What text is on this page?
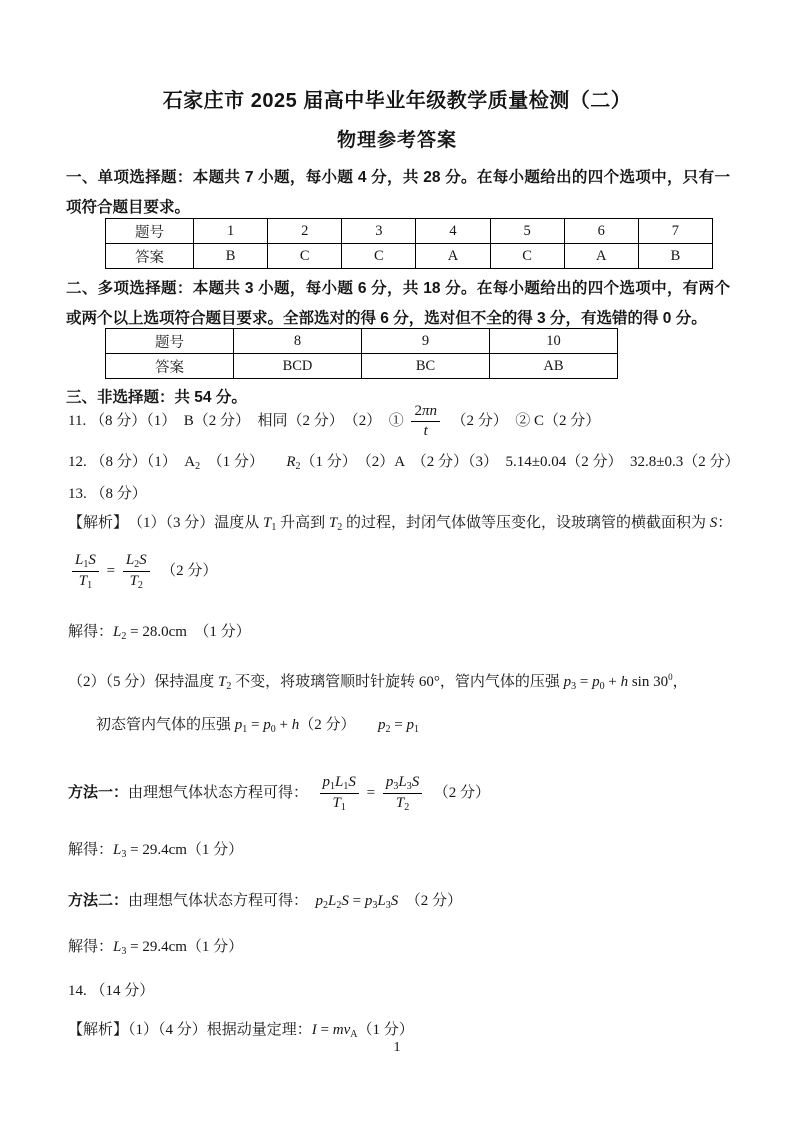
石家庄市 2025 届高中毕业年级教学质量检测（二）
物理参考答案
一、单项选择题：本题共 7 小题，每小题 4 分，共 28 分。在每小题给出的四个选项中，只有一项符合题目要求。
题号	1	2	3	4	5	6	7
答案	B	C	C	A	C	A	B
二、多项选择题：本题共 3 小题，每小题 6 分，共 18 分。在每小题给出的四个选项中，有两个或两个以上选项符合题目要求。全部选对的得 6 分，选对但不全的得 3 分，有选错的得 0 分。
题号	8	9	10
答案	BCD	BC	AB
三、非选择题：共 54 分。
11. （8 分）（1）　B（2 分）　相同（2 分）　（2）　① $\frac{2\pi n}{t}$ 　（2 分）　② C（2 分）
12. （8 分）（1）　$A_2$　（1 分）　　$R_2(1$ 分）　（2）A　（2 分）（3）　5.14±0.04（2 分）　32.8±0.3（2 分）
13. （8 分）
【解析】　（1）（3 分）温度从 $T_1$ 升高到 $T_2$ 的过程，封闭气体做等压变化，设玻璃管的横截面积为 S：
$\frac{L_1S}{T_1} = \frac{L_2S}{T_2}$ 　（2 分）
解得：$L_2 = 28.0cm$　（1 分）
（2）（5 分）保持温度 $T_2$ 不变，将玻璃管顺时针旋转 60°，管内气体的压强 $p_3 = p_0 + h$ $\sin 30^0$，
初态管内气体的压强 $p_1 = p_0 + h(2$ 分）　　$p_2 = p_1$
方法一：由理想气体状态方程可得：　 $\frac{p_1L_1S}{T_1} = \frac{p_3L_3S}{T_2}$ 　（2 分）
解得：$L_3 = 29.4cm(1$ 分）
方法二：由理想气体状态方程可得：　$p_2L_2S = p_3L_3S$　（2 分）
解得：$L_3 = 29.4cm(1$ 分）
14. （14 分）
【解析】（1）（4 分）根据动量定理：$I = mv_A(1$ 分）
1
